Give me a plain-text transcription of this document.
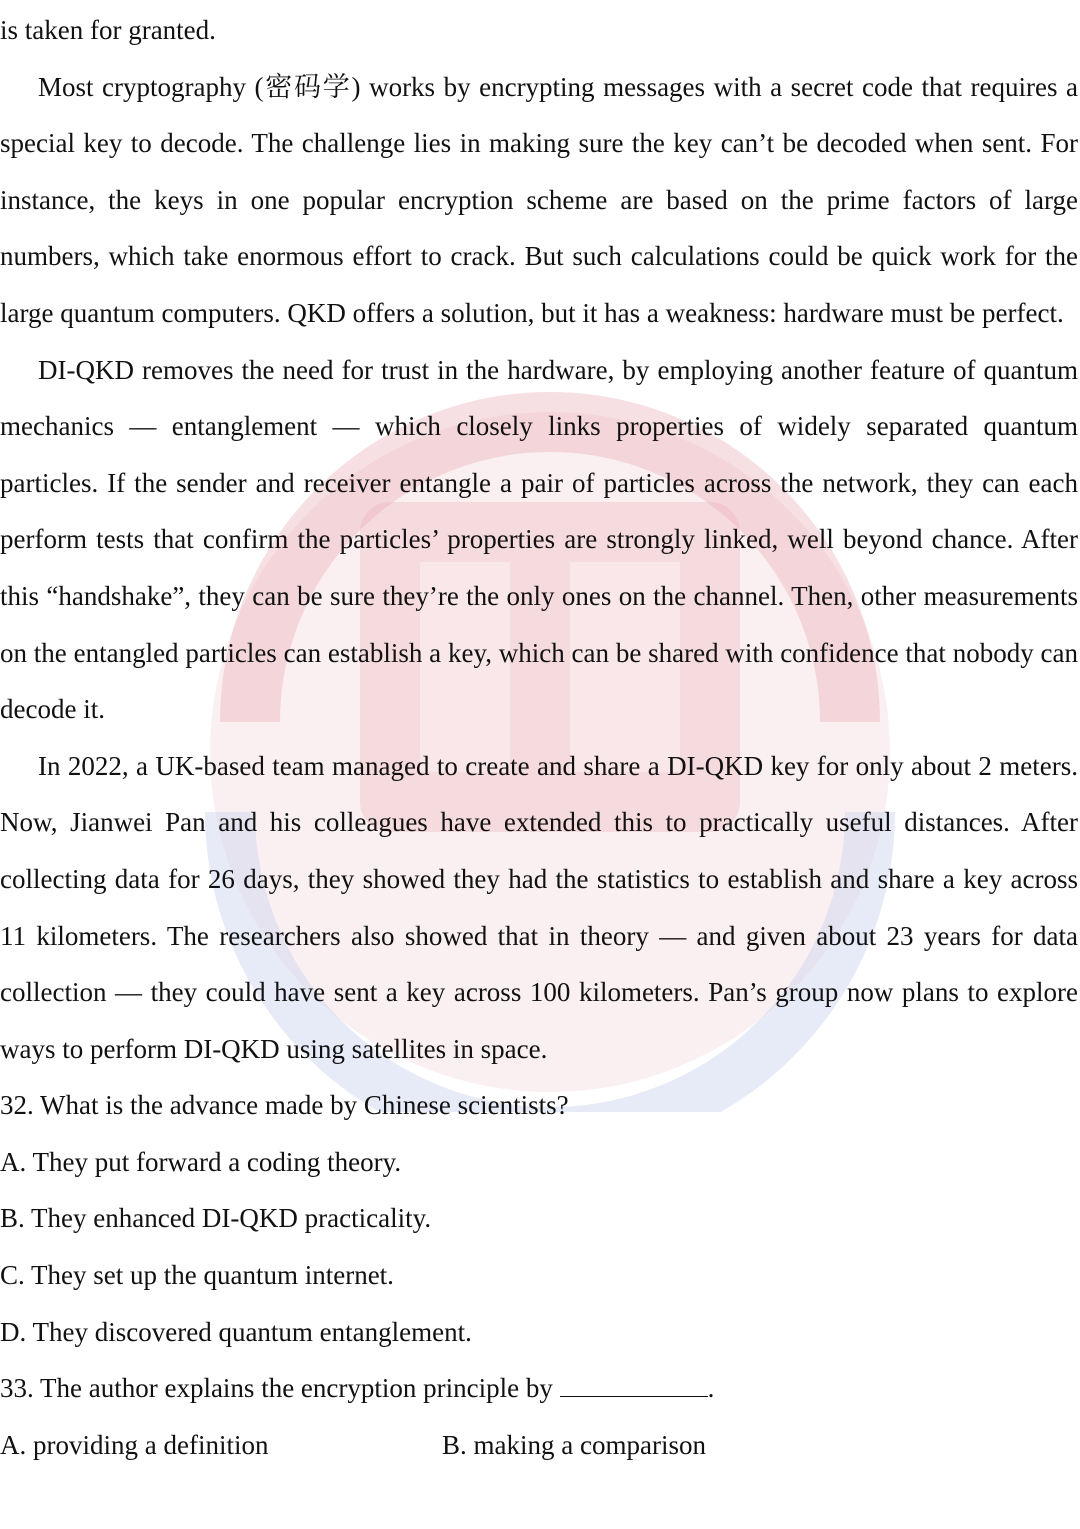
is taken for granted.

Most cryptography (密码学) works by encrypting messages with a secret code that requires a special key to decode. The challenge lies in making sure the key can’t be decoded when sent. For instance, the keys in one popular encryption scheme are based on the prime factors of large numbers, which take enormous effort to crack. But such calculations could be quick work for the large quantum computers. QKD offers a solution, but it has a weakness: hardware must be perfect.

DI-QKD removes the need for trust in the hardware, by employing another feature of quantum mechanics — entanglement — which closely links properties of widely separated quantum particles. If the sender and receiver entangle a pair of particles across the network, they can each perform tests that confirm the particles’ properties are strongly linked, well beyond chance. After this “handshake”, they can be sure they’re the only ones on the channel. Then, other measurements on the entangled particles can establish a key, which can be shared with confidence that nobody can decode it.

In 2022, a UK-based team managed to create and share a DI-QKD key for only about 2 meters. Now, Jianwei Pan and his colleagues have extended this to practically useful distances. After collecting data for 26 days, they showed they had the statistics to establish and share a key across 11 kilometers. The researchers also showed that in theory — and given about 23 years for data collection — they could have sent a key across 100 kilometers. Pan’s group now plans to explore ways to perform DI-QKD using satellites in space.

32. What is the advance made by Chinese scientists?

A. They put forward a coding theory.

B. They enhanced DI-QKD practicality.

C. They set up the quantum internet.

D. They discovered quantum entanglement.

33. The author explains the encryption principle by	.

A. providing a definition	B. making a comparison
